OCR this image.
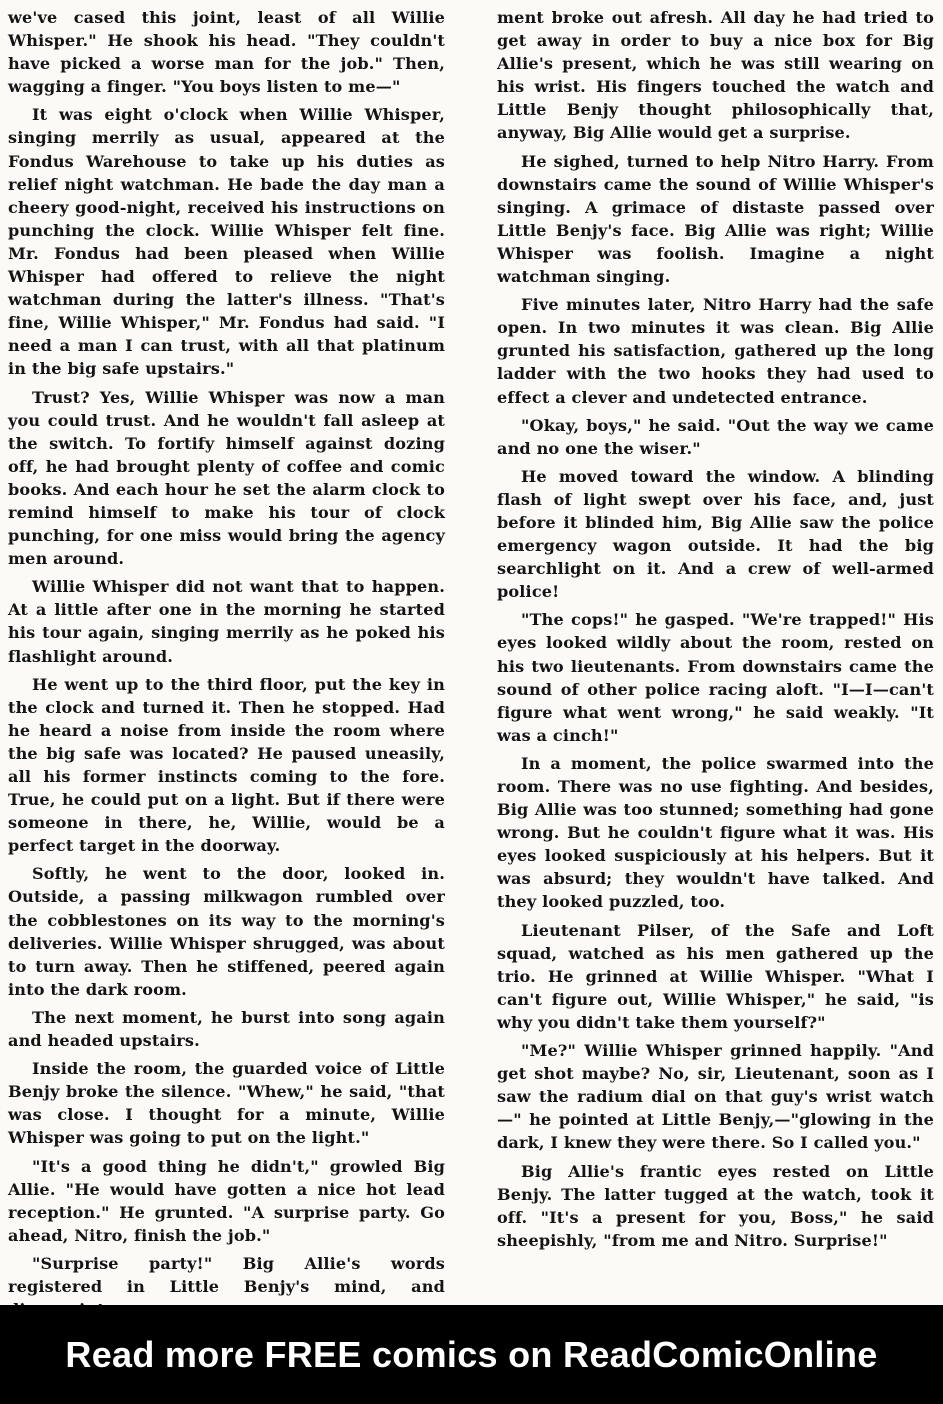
we've cased this joint, least of all Willie Whisper." He shook his head. "They couldn't have picked a worse man for the job." Then, wagging a finger. "You boys listen to me—"

It was eight o'clock when Willie Whisper, singing merrily as usual, appeared at the Fondus Warehouse to take up his duties as relief night watchman. He bade the day man a cheery good-night, received his instructions on punching the clock. Willie Whisper felt fine. Mr. Fondus had been pleased when Willie Whisper had offered to relieve the night watchman during the latter's illness. "That's fine, Willie Whisper," Mr. Fondus had said. "I need a man I can trust, with all that platinum in the big safe upstairs."

Trust? Yes, Willie Whisper was now a man you could trust. And he wouldn't fall asleep at the switch. To fortify himself against dozing off, he had brought plenty of coffee and comic books. And each hour he set the alarm clock to remind himself to make his tour of clock punching, for one miss would bring the agency men around.

Willie Whisper did not want that to happen. At a little after one in the morning he started his tour again, singing merrily as he poked his flashlight around.

He went up to the third floor, put the key in the clock and turned it. Then he stopped. Had he heard a noise from inside the room where the big safe was located? He paused uneasily, all his former instincts coming to the fore. True, he could put on a light. But if there were someone in there, he, Willie, would be a perfect target in the doorway.

Softly, he went to the door, looked in. Outside, a passing milkwagon rumbled over the cobblestones on its way to the morning's deliveries. Willie Whisper shrugged, was about to turn away. Then he stiffened, peered again into the dark room.

The next moment, he burst into song again and headed upstairs.

Inside the room, the guarded voice of Little Benjy broke the silence. "Whew," he said, "that was close. I thought for a minute, Willie Whisper was going to put on the light."

"It's a good thing he didn't," growled Big Allie. "He would have gotten a nice hot lead reception." He grunted. "A surprise party. Go ahead, Nitro, finish the job."

"Surprise party!" Big Allie's words registered in Little Benjy's mind, and

ment broke out afresh. All day he had tried to get away in order to buy a nice box for Big Allie's present, which he was still wearing on his wrist. His fingers touched the watch and Little Benjy thought philosophically that, anyway, Big Allie would get a surprise.

He sighed, turned to help Nitro Harry. From downstairs came the sound of Willie Whisper's singing. A grimace of distaste passed over Little Benjy's face. Big Allie was right; Willie Whisper was foolish. Imagine a night watchman singing.

Five minutes later, Nitro Harry had the safe open. In two minutes it was clean. Big Allie grunted his satisfaction, gathered up the long ladder with the two hooks they had used to effect a clever and undetected entrance.

"Okay, boys," he said. "Out the way we came and no one the wiser."

He moved toward the window. A blinding flash of light swept over his face, and, just before it blinded him, Big Allie saw the police emergency wagon outside. It had the big searchlight on it. And a crew of well-armed police!

"The cops!" he gasped. "We're trapped!" His eyes looked wildly about the room, rested on his two lieutenants. From downstairs came the sound of other police racing aloft. "I—I—can't figure what went wrong," he said weakly. "It was a cinch!"

In a moment, the police swarmed into the room. There was no use fighting. And besides, Big Allie was too stunned; something had gone wrong. But he couldn't figure what it was. His eyes looked suspiciously at his helpers. But it was absurd; they wouldn't have talked. And they looked puzzled, too.

Lieutenant Pilser, of the Safe and Loft squad, watched as his men gathered up the trio. He grinned at Willie Whisper. "What I can't figure out, Willie Whisper," he said, "is why you didn't take them yourself?"

"Me?" Willie Whisper grinned happily. "And get shot maybe? No, sir, Lieutenant, soon as I saw the radium dial on that guy's wrist watch —" he pointed at Little Benjy,—"glowing in the dark, I knew they were there. So I called you."

Big Allie's frantic eyes rested on Little Benjy. The latter tugged at the watch, took it off. "It's a present for you, Boss," he said sheepishly, "from me and Nitro. Surprise!"

Read more FREE comics on ReadComicOnline
